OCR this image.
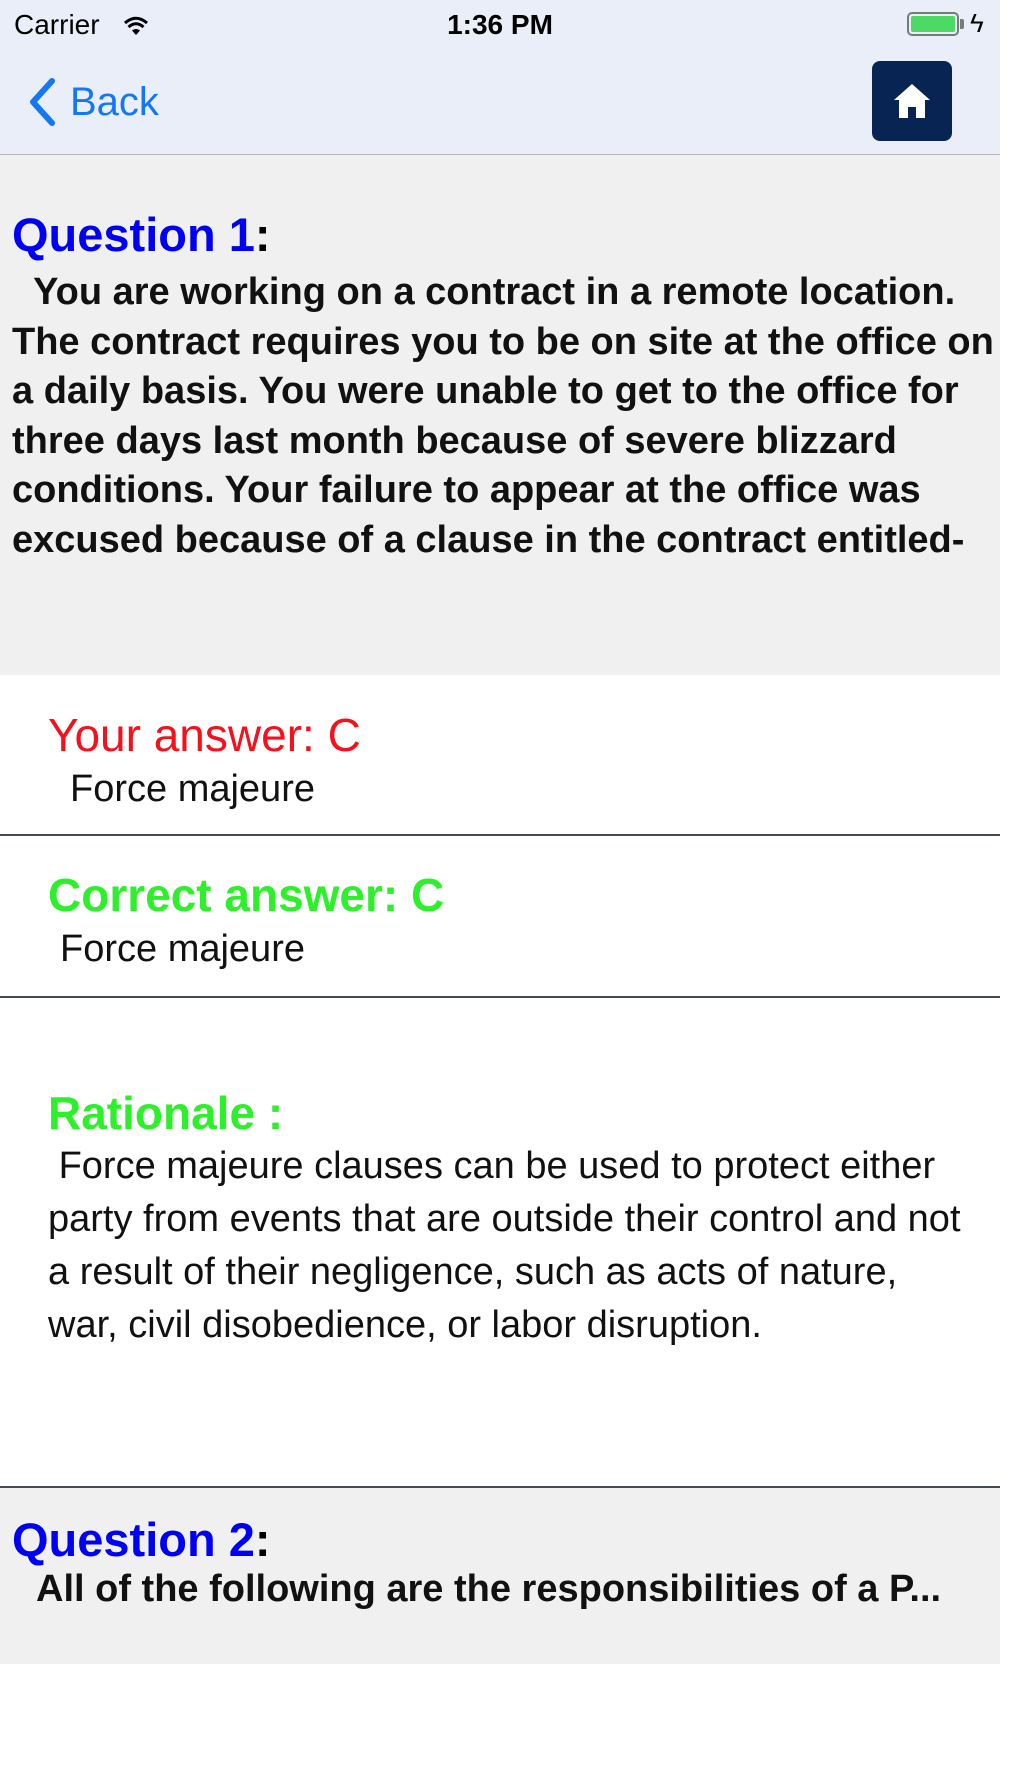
Carrier	1:36 PM	ϟ
Back
Question 1:
You are working on a contract in a remote location. The contract requires you to be on site at the office on a daily basis. You were unable to get to the office for three days last month because of severe blizzard conditions. Your failure to appear at the office was excused because of a clause in the contract entitled-
Your answer: C
Force majeure
Correct answer: C
Force majeure
Rationale :
Force majeure clauses can be used to protect either party from events that are outside their control and not a result of their negligence, such as acts of nature, war, civil disobedience, or labor disruption.
Question 2:
All of the following are the responsibilities of a P...
